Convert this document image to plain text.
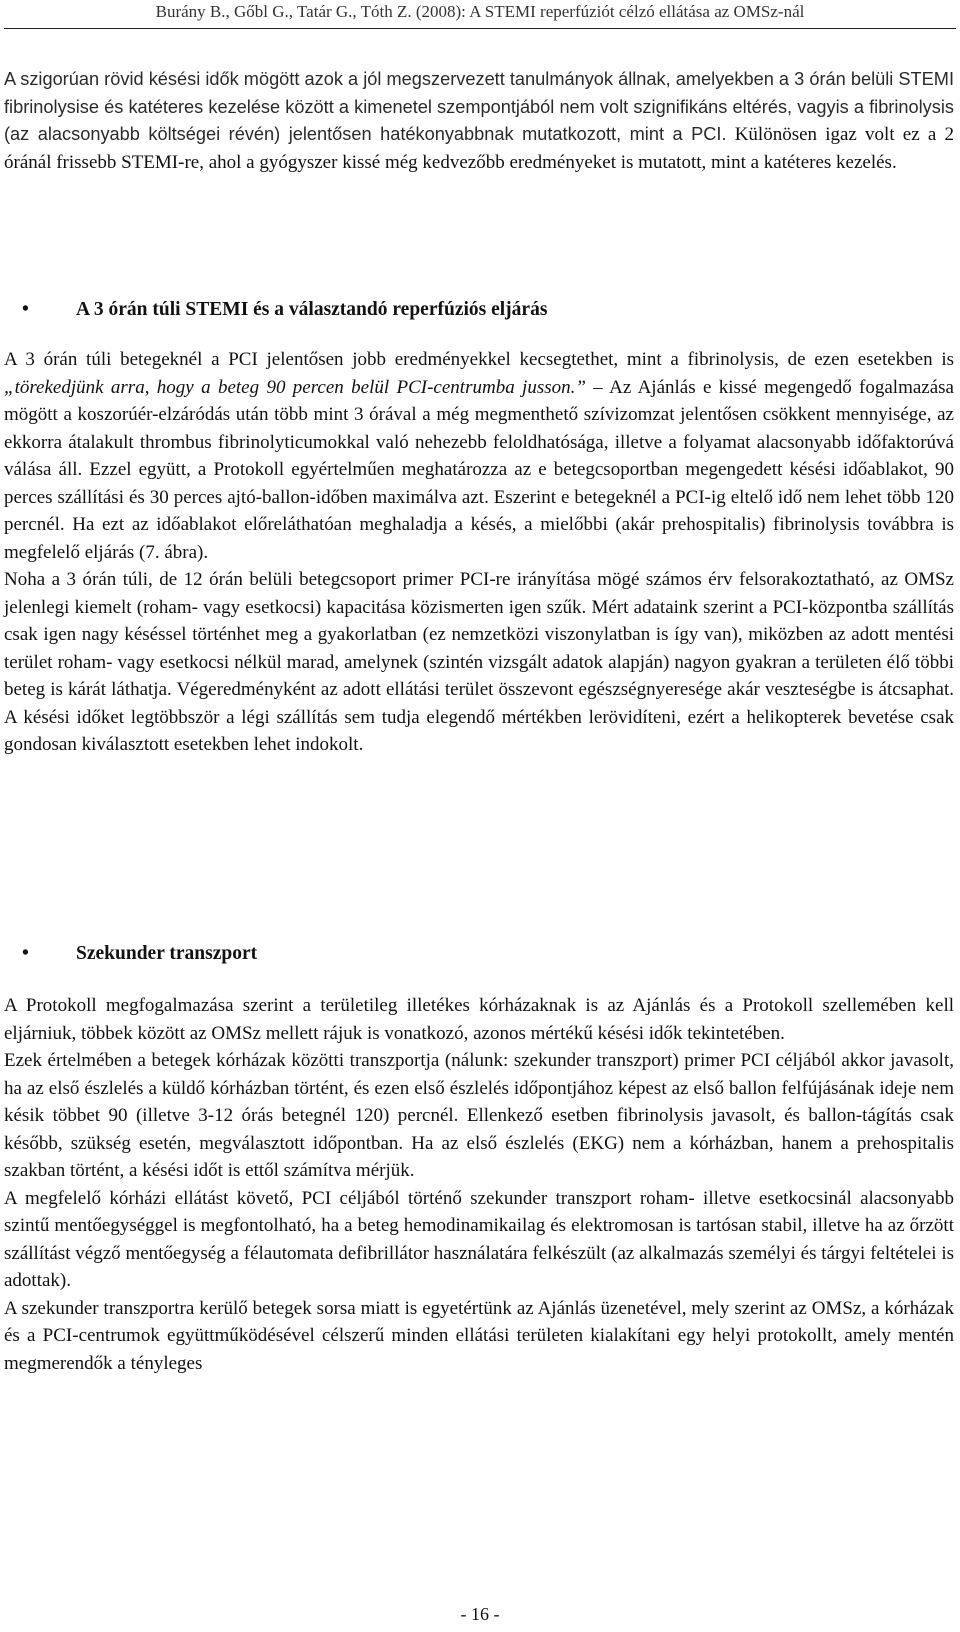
Burány B., Gőbl G., Tatár G., Tóth Z. (2008): A STEMI reperfúziót célzó ellátása az OMSz-nál

A szigorúan rövid késési idők mögött azok a jól megszervezett tanulmányok állnak, amelyekben a 3 órán belüli STEMI fibrinolysise és katéteres kezelése között a kimenetel szempontjából nem volt szignifikáns eltérés, vagyis a fibrinolysis (az alacsonyabb költségei révén) jelentősen hatékonyabbnak mutatkozott, mint a PCI. Különösen igaz volt ez a 2 óránál frissebb STEMI-re, ahol a gyógyszer kissé még kedvezőbb eredményeket is mutatott, mint a katéteres kezelés.

• A 3 órán túli STEMI és a választandó reperfúziós eljárás

A 3 órán túli betegeknél a PCI jelentősen jobb eredményekkel kecsegtethet, mint a fibrinolysis, de ezen esetekben is „törekedjünk arra, hogy a beteg 90 percen belül PCI-centrumba jusson.” – Az Ajánlás e kissé megengedő fogalmazása mögött a koszorúér-elzáródás után több mint 3 órával a még megmenthető szívizomzat jelentősen csökkent mennyisége, az ekkorra átalakult thrombus fibrinolyticumokkal való nehezebb feloldhatósága, illetve a folyamat alacsonyabb időfaktorúvá válása áll. Ezzel együtt, a Protokoll egyértelműen meghatározza az e betegcsoportban megengedett késési időablakot, 90 perces szállítási és 30 perces ajtó-ballon-időben maximálva azt. Eszerint e betegeknél a PCI-ig eltelő idő nem lehet több 120 percnél. Ha ezt az időablakot előreláthatóan meghaladja a késés, a mielőbbi (akár prehospitalis) fibrinolysis továbbra is megfelelő eljárás (7. ábra).

Noha a 3 órán túli, de 12 órán belüli betegcsoport primer PCI-re irányítása mögé számos érv felsorakoztatható, az OMSz jelenlegi kiemelt (roham- vagy esetkocsi) kapacitása közismerten igen szűk. Mért adataink szerint a PCI-központba szállítás csak igen nagy késéssel történhet meg a gyakorlatban (ez nemzetközi viszonylatban is így van), miközben az adott mentési terület roham- vagy esetkocsi nélkül marad, amelynek (szintén vizsgált adatok alapján) nagyon gyakran a területen élő többi beteg is kárát láthatja. Végeredményként az adott ellátási terület összevont egészségnyeresége akár veszteségbe is átcsaphat. A késési időket legtöbbször a légi szállítás sem tudja elegendő mértékben lerövidíteni, ezért a helikopterek bevetése csak gondosan kiválasztott esetekben lehet indokolt.

• Szekunder transzport

A Protokoll megfogalmazása szerint a területileg illetékes kórházaknak is az Ajánlás és a Protokoll szellemében kell eljárniuk, többek között az OMSz mellett rájuk is vonatkozó, azonos mértékű késési idők tekintetében.

Ezek értelmében a betegek kórházak közötti transzportja (nálunk: szekunder transzport) primer PCI céljából akkor javasolt, ha az első észlelés a küldő kórházban történt, és ezen első észlelés időpontjához képest az első ballon felfújásának ideje nem késik többet 90 (illetve 3-12 órás betegnél 120) percnél. Ellenkező esetben fibrinolysis javasolt, és ballon-tágítás csak később, szükség esetén, megválasztott időpontban. Ha az első észlelés (EKG) nem a kórházban, hanem a prehospitalis szakban történt, a késési időt is ettől számítva mérjük.

A megfelelő kórházi ellátást követő, PCI céljából történő szekunder transzport roham- illetve esetkocsinál alacsonyabb szintű mentőegységgel is megfontolható, ha a beteg hemodinamikailag és elektromosan is tartósan stabil, illetve ha az őrzött szállítást végző mentőegység a félautomata defibrillátor használatára felkészült (az alkalmazás személyi és tárgyi feltételei is adottak).

A szekunder transzportra kerülő betegek sorsa miatt is egyetértünk az Ajánlás üzenetével, mely szerint az OMSz, a kórházak és a PCI-centrumok együttműködésével célszerű minden ellátási területen kialakítani egy helyi protokollt, amely mentén megmerendők a tényleges

- 16 -
